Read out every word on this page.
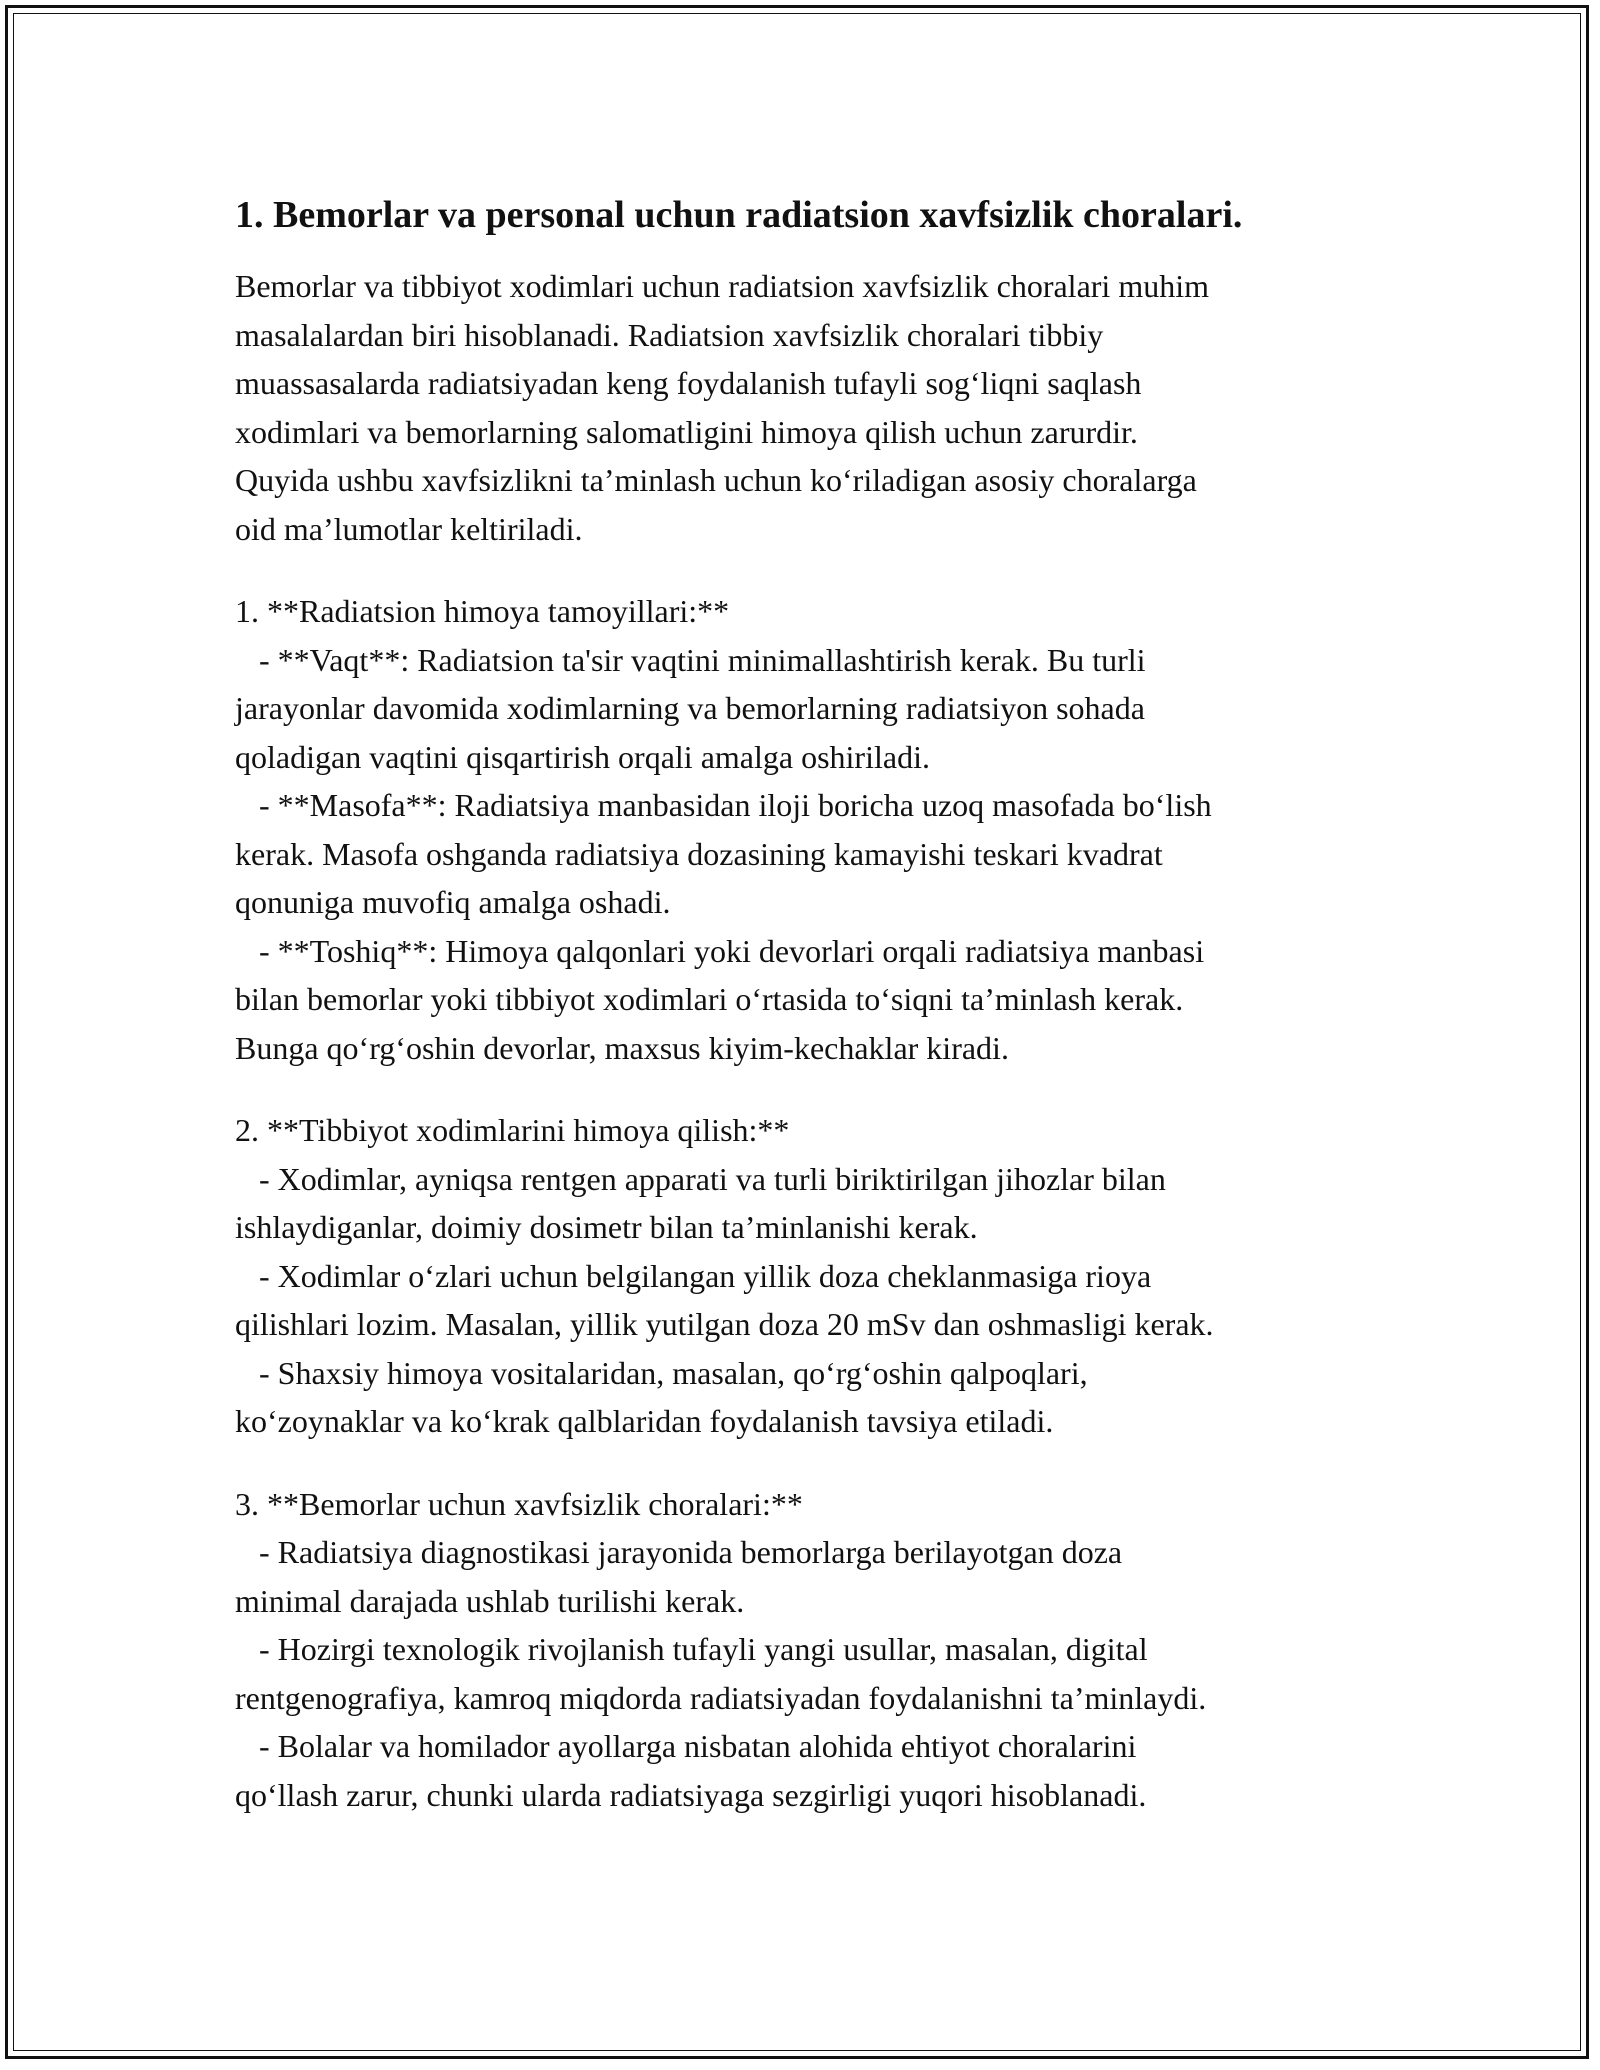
1. Bemorlar va personal uchun radiatsion xavfsizlik choralari.
Bemorlar va tibbiyot xodimlari uchun radiatsion xavfsizlik choralari muhim
masalalardan biri hisoblanadi. Radiatsion xavfsizlik choralari tibbiy
muassasalarda radiatsiyadan keng foydalanish tufayli sog‘liqni saqlash
xodimlari va bemorlarning salomatligini himoya qilish uchun zarurdir.
Quyida ushbu xavfsizlikni ta’minlash uchun ko‘riladigan asosiy choralarga
oid ma’lumotlar keltiriladi.
1. **Radiatsion himoya tamoyillari:**
- **Vaqt**: Radiatsion ta'sir vaqtini minimallashtirish kerak. Bu turli
jarayonlar davomida xodimlarning va bemorlarning radiatsiyon sohada
qoladigan vaqtini qisqartirish orqali amalga oshiriladi.
- **Masofa**: Radiatsiya manbasidan iloji boricha uzoq masofada bo‘lish
kerak. Masofa oshganda radiatsiya dozasining kamayishi teskari kvadrat
qonuniga muvofiq amalga oshadi.
- **Toshiq**: Himoya qalqonlari yoki devorlari orqali radiatsiya manbasi
bilan bemorlar yoki tibbiyot xodimlari o‘rtasida to‘siqni ta’minlash kerak.
Bunga qo‘rg‘oshin devorlar, maxsus kiyim-kechaklar kiradi.
2. **Tibbiyot xodimlarini himoya qilish:**
- Xodimlar, ayniqsa rentgen apparati va turli biriktirilgan jihozlar bilan
ishlaydiganlar, doimiy dosimetr bilan ta’minlanishi kerak.
- Xodimlar o‘zlari uchun belgilangan yillik doza cheklanmasiga rioya
qilishlari lozim. Masalan, yillik yutilgan doza 20 mSv dan oshmasligi kerak.
- Shaxsiy himoya vositalaridan, masalan, qo‘rg‘oshin qalpoqlari,
ko‘zoynaklar va ko‘krak qalblaridan foydalanish tavsiya etiladi.
3. **Bemorlar uchun xavfsizlik choralari:**
- Radiatsiya diagnostikasi jarayonida bemorlarga berilayotgan doza
minimal darajada ushlab turilishi kerak.
- Hozirgi texnologik rivojlanish tufayli yangi usullar, masalan, digital
rentgenografiya, kamroq miqdorda radiatsiyadan foydalanishni ta’minlaydi.
- Bolalar va homilador ayollarga nisbatan alohida ehtiyot choralarini
qo‘llash zarur, chunki ularda radiatsiyaga sezgirligi yuqori hisoblanadi.
